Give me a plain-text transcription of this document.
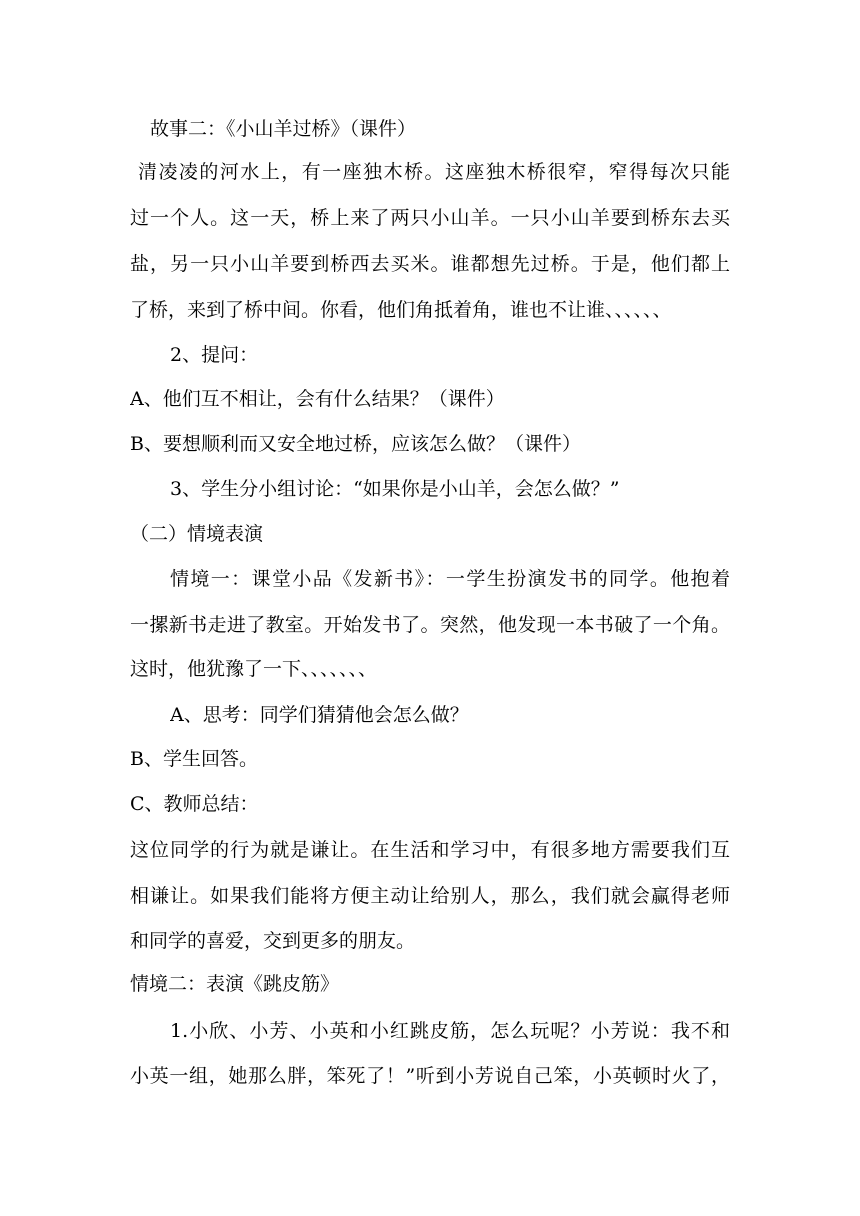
故事二：《小山羊过桥》（课件）
清凌凌的河水上，有一座独木桥。这座独木桥很窄，窄得每次只能
过一个人。这一天，桥上来了两只小山羊。一只小山羊要到桥东去买
盐，另一只小山羊要到桥西去买米。谁都想先过桥。于是，他们都上
了桥，来到了桥中间。你看，他们角抵着角，谁也不让谁、、、、、、
2、提问：
A、他们互不相让，会有什么结果？（课件）
B、要想顺利而又安全地过桥，应该怎么做？（课件）
3、学生分小组讨论：“如果你是小山羊，会怎么做？”
（二）情境表演
情境一：课堂小品《发新书》：一学生扮演发书的同学。他抱着
一摞新书走进了教室。开始发书了。突然，他发现一本书破了一个角。
这时，他犹豫了一下、、、、、、、
A、思考：同学们猜猜他会怎么做？
B、学生回答。
C、教师总结：
这位同学的行为就是谦让。在生活和学习中，有很多地方需要我们互
相谦让。如果我们能将方便主动让给别人，那么，我们就会赢得老师
和同学的喜爱，交到更多的朋友。
情境二：表演《跳皮筋》
1.小欣、小芳、小英和小红跳皮筋，怎么玩呢？小芳说：我不和
小英一组，她那么胖，笨死了！”听到小芳说自己笨，小英顿时火了，
